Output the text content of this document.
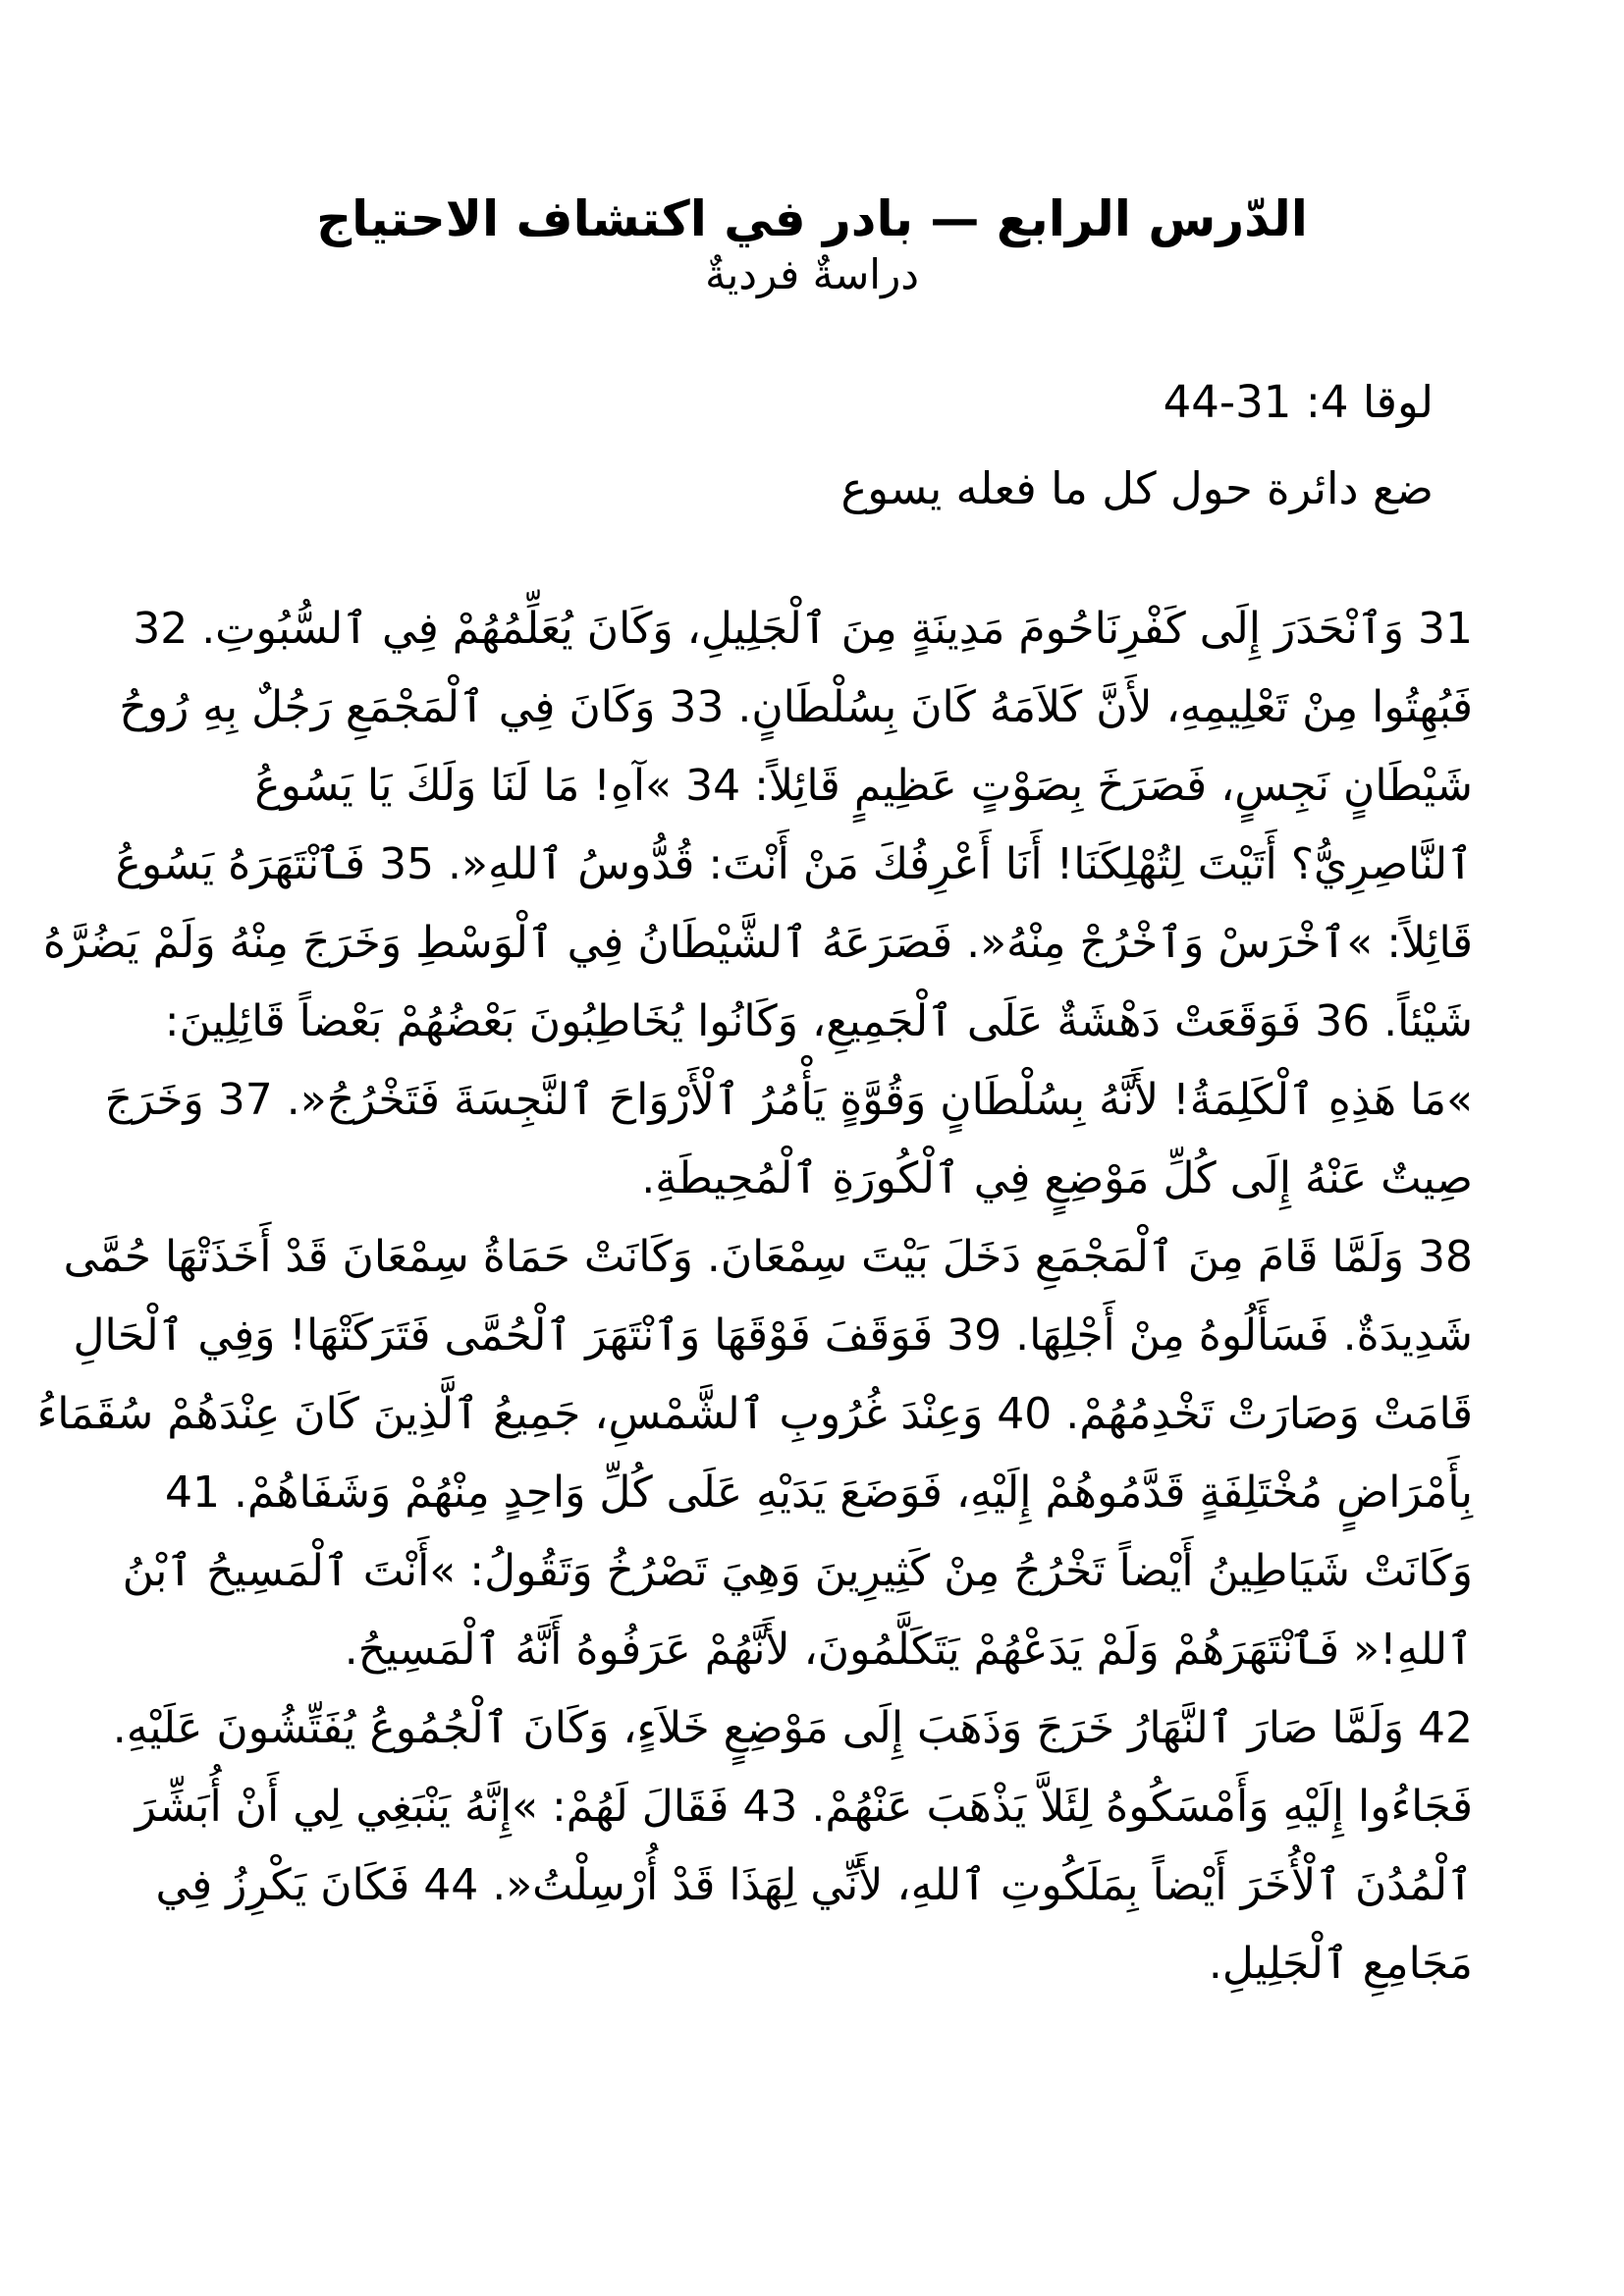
الدّرس الرابع — بادر في اكتشاف الاحتياج
دراسةٌ فرديةٌ
لوقا 4: 31‏-‏44
ضع دائرة حول كل ما فعله يسوع
31 وَٱنْحَدَرَ إِلَى كَفْرِنَاحُومَ مَدِينَةٍ مِنَ ٱلْجَلِيلِ، وَكَانَ يُعَلِّمُهُمْ فِي ٱلسُّبُوتِ. 32
فَبُهِتُوا مِنْ تَعْلِيمِهِ، لأَنَّ كَلاَمَهُ كَانَ بِسُلْطَانٍ. 33 وَكَانَ فِي ٱلْمَجْمَعِ رَجُلٌ بِهِ رُوحُ
شَيْطَانٍ نَجِسٍ، فَصَرَخَ بِصَوْتٍ عَظِيمٍ قَائِلاً: 34 »آهِ! مَا لَنَا وَلَكَ يَا يَسُوعُ
ٱلنَّاصِرِيُّ؟ أَتَيْتَ لِتُهْلِكَنَا! أَنَا أَعْرِفُكَ مَنْ أَنْتَ: قُدُّوسُ ٱللهِ«. 35 فَٱنْتَهَرَهُ يَسُوعُ
قَائِلاً: »ٱخْرَسْ وَٱخْرُجْ مِنْهُ«. فَصَرَعَهُ ٱلشَّيْطَانُ فِي ٱلْوَسْطِ وَخَرَجَ مِنْهُ وَلَمْ يَضُرَّهُ
شَيْئاً. 36 فَوَقَعَتْ دَهْشَةٌ عَلَى ٱلْجَمِيعِ، وَكَانُوا يُخَاطِبُونَ بَعْضُهُمْ بَعْضاً قَائِلِينَ:
»مَا هَذِهِ ٱلْكَلِمَةُ! لأَنَّهُ بِسُلْطَانٍ وَقُوَّةٍ يَأْمُرُ ٱلْأَرْوَاحَ ٱلنَّجِسَةَ فَتَخْرُجُ«. 37 وَخَرَجَ
صِيتٌ عَنْهُ إِلَى كُلِّ مَوْضِعٍ فِي ٱلْكُورَةِ ٱلْمُحِيطَةِ.
38 وَلَمَّا قَامَ مِنَ ٱلْمَجْمَعِ دَخَلَ بَيْتَ سِمْعَانَ. وَكَانَتْ حَمَاةُ سِمْعَانَ قَدْ أَخَذَتْهَا حُمَّى
شَدِيدَةٌ. فَسَأَلُوهُ مِنْ أَجْلِهَا. 39 فَوَقَفَ فَوْقَهَا وَٱنْتَهَرَ ٱلْحُمَّى فَتَرَكَتْهَا! وَفِي ٱلْحَالِ
قَامَتْ وَصَارَتْ تَخْدِمُهُمْ. 40 وَعِنْدَ غُرُوبِ ٱلشَّمْسِ، جَمِيعُ ٱلَّذِينَ كَانَ عِنْدَهُمْ سُقَمَاءُ
بِأَمْرَاضٍ مُخْتَلِفَةٍ قَدَّمُوهُمْ إِلَيْهِ، فَوَضَعَ يَدَيْهِ عَلَى كُلِّ وَاحِدٍ مِنْهُمْ وَشَفَاهُمْ. 41
وَكَانَتْ شَيَاطِينُ أَيْضاً تَخْرُجُ مِنْ كَثِيرِينَ وَهِيَ تَصْرُخُ وَتَقُولُ: »أَنْتَ ٱلْمَسِيحُ ٱبْنُ
ٱللهِ!« فَٱنْتَهَرَهُمْ وَلَمْ يَدَعْهُمْ يَتَكَلَّمُونَ، لأَنَّهُمْ عَرَفُوهُ أَنَّهُ ٱلْمَسِيحُ.
42 وَلَمَّا صَارَ ٱلنَّهَارُ خَرَجَ وَذَهَبَ إِلَى مَوْضِعٍ خَلاَءٍ، وَكَانَ ٱلْجُمُوعُ يُفَتِّشُونَ عَلَيْهِ.
فَجَاءُوا إِلَيْهِ وَأَمْسَكُوهُ لِئَلاَّ يَذْهَبَ عَنْهُمْ. 43 فَقَالَ لَهُمْ: »إِنَّهُ يَنْبَغِي لِي أَنْ أُبَشِّرَ
ٱلْمُدُنَ ٱلْأُخَرَ أَيْضاً بِمَلَكُوتِ ٱللهِ، لأَنِّي لِهَذَا قَدْ أُرْسِلْتُ«. 44 فَكَانَ يَكْرِزُ فِي
مَجَامِعِ ٱلْجَلِيلِ.
